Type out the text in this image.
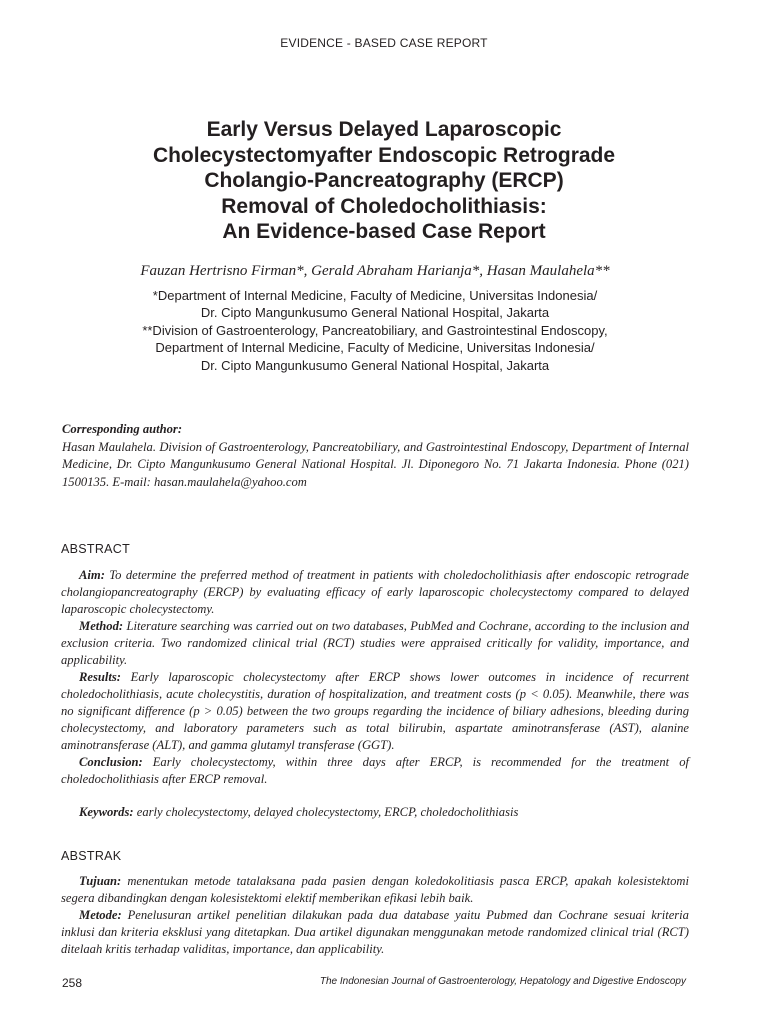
EVIDENCE - BASED CASE REPORT
Early Versus Delayed Laparoscopic
Cholecystectomyafter Endoscopic Retrograde
Cholangio-Pancreatography (ERCP)
Removal of Choledocholithiasis:
An Evidence-based Case Report
Fauzan Hertrisno Firman*, Gerald Abraham Harianja*, Hasan Maulahela**
*Department of Internal Medicine, Faculty of Medicine, Universitas Indonesia/
Dr. Cipto Mangunkusumo General National Hospital, Jakarta
**Division of Gastroenterology, Pancreatobiliary, and Gastrointestinal Endoscopy,
Department of Internal Medicine, Faculty of Medicine, Universitas Indonesia/
Dr. Cipto Mangunkusumo General National Hospital, Jakarta
Corresponding author:
Hasan Maulahela. Division of Gastroenterology, Pancreatobiliary, and Gastrointestinal Endoscopy, Department of Internal Medicine, Dr. Cipto Mangunkusumo General National Hospital. Jl. Diponegoro No. 71 Jakarta Indonesia. Phone (021) 1500135. E-mail: hasan.maulahela@yahoo.com
ABSTRACT

Aim: To determine the preferred method of treatment in patients with choledocholithiasis after endoscopic retrograde cholangiopancreatography (ERCP) by evaluating efficacy of early laparoscopic cholecystectomy compared to delayed laparoscopic cholecystectomy.

Method: Literature searching was carried out on two databases, PubMed and Cochrane, according to the inclusion and exclusion criteria. Two randomized clinical trial (RCT) studies were appraised critically for validity, importance, and applicability.

Results: Early laparoscopic cholecystectomy after ERCP shows lower outcomes in incidence of recurrent choledocholithiasis, acute cholecystitis, duration of hospitalization, and treatment costs (p < 0.05). Meanwhile, there was no significant difference (p > 0.05) between the two groups regarding the incidence of biliary adhesions, bleeding during cholecystectomy, and laboratory parameters such as total bilirubin, aspartate aminotransferase (AST), alanine aminotransferase (ALT), and gamma glutamyl transferase (GGT).

Conclusion: Early cholecystectomy, within three days after ERCP, is recommended for the treatment of choledocholithiasis after ERCP removal.

Keywords: early cholecystectomy, delayed cholecystectomy, ERCP, choledocholithiasis
ABSTRAK

Tujuan: menentukan metode tatalaksana pada pasien dengan koledokolitiasis pasca ERCP, apakah kolesistektomi segera dibandingkan dengan kolesistektomi elektif memberikan efikasi lebih baik.

Metode: Penelusuran artikel penelitian dilakukan pada dua database yaitu Pubmed dan Cochrane sesuai kriteria inklusi dan kriteria eksklusi yang ditetapkan. Dua artikel digunakan menggunakan metode randomized clinical trial (RCT) ditelaah kritis terhadap validitas, importance, dan applicability.

258	The Indonesian Journal of Gastroenterology, Hepatology and Digestive Endoscopy
